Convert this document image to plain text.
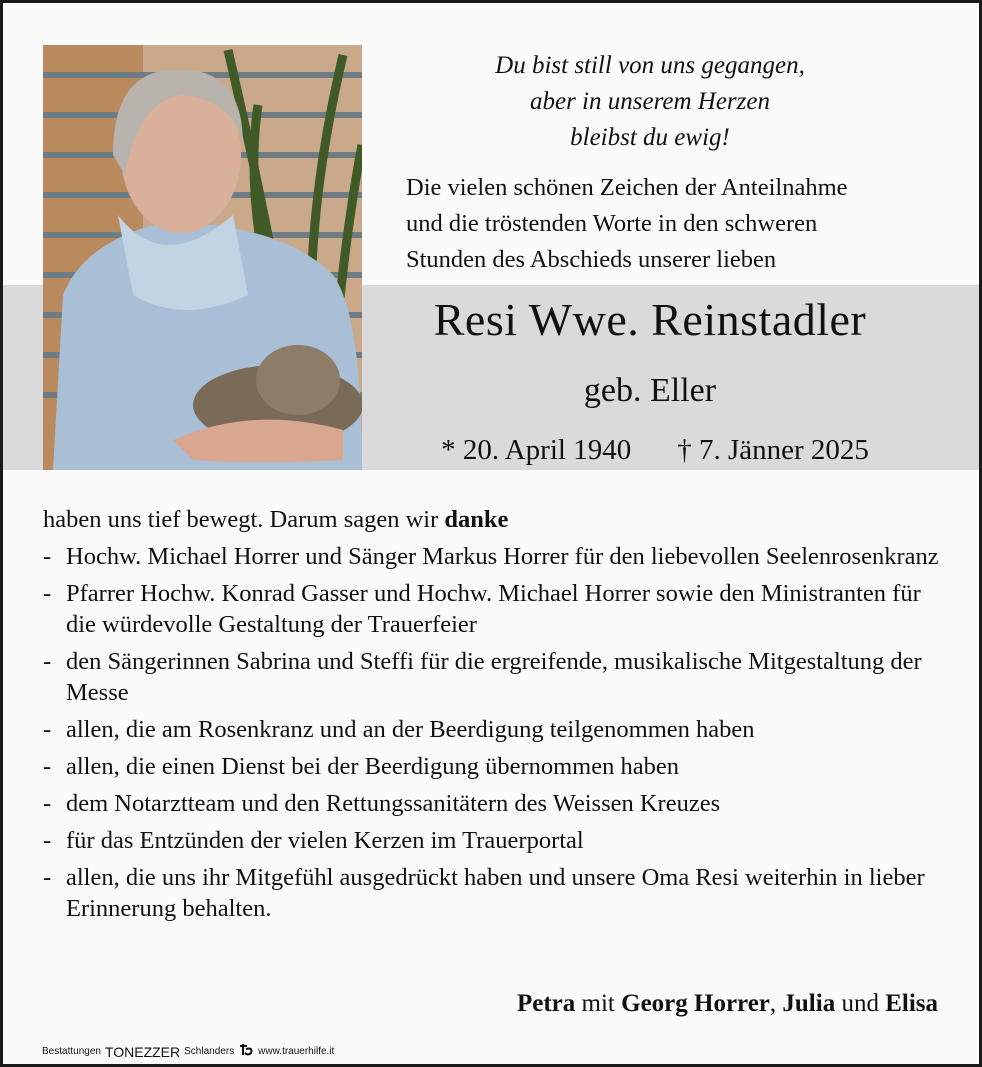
Du bist still von uns gegangen,
aber in unserem Herzen
bleibst du ewig!
Die vielen schönen Zeichen der Anteilnahme
und die tröstenden Worte in den schweren
Stunden des Abschieds unserer lieben
Resi Wwe. Reinstadler
geb. Eller
* 20. April 1940 † 7. Jänner 2025
haben uns tief bewegt. Darum sagen wir danke
- Hochw. Michael Horrer und Sänger Markus Horrer für den liebevollen Seelenrosenkranz
- Pfarrer Hochw. Konrad Gasser und Hochw. Michael Horrer sowie den Ministranten für die würdevolle Gestaltung der Trauerfeier
- den Sängerinnen Sabrina und Steffi für die ergreifende, musikalische Mitgestaltung der Messe
- allen, die am Rosenkranz und an der Beerdigung teilgenommen haben
- allen, die einen Dienst bei der Beerdigung übernommen haben
- dem Notarztteam und den Rettungssanitätern des Weissen Kreuzes
- für das Entzünden der vielen Kerzen im Trauerportal
- allen, die uns ihr Mitgefühl ausgedrückt haben und unsere Oma Resi weiterhin in lieber Erinnerung behalten.
Petra mit Georg Horrer, Julia und Elisa
Bestattungen TONEZZER Schlanders www.trauerhilfe.it
